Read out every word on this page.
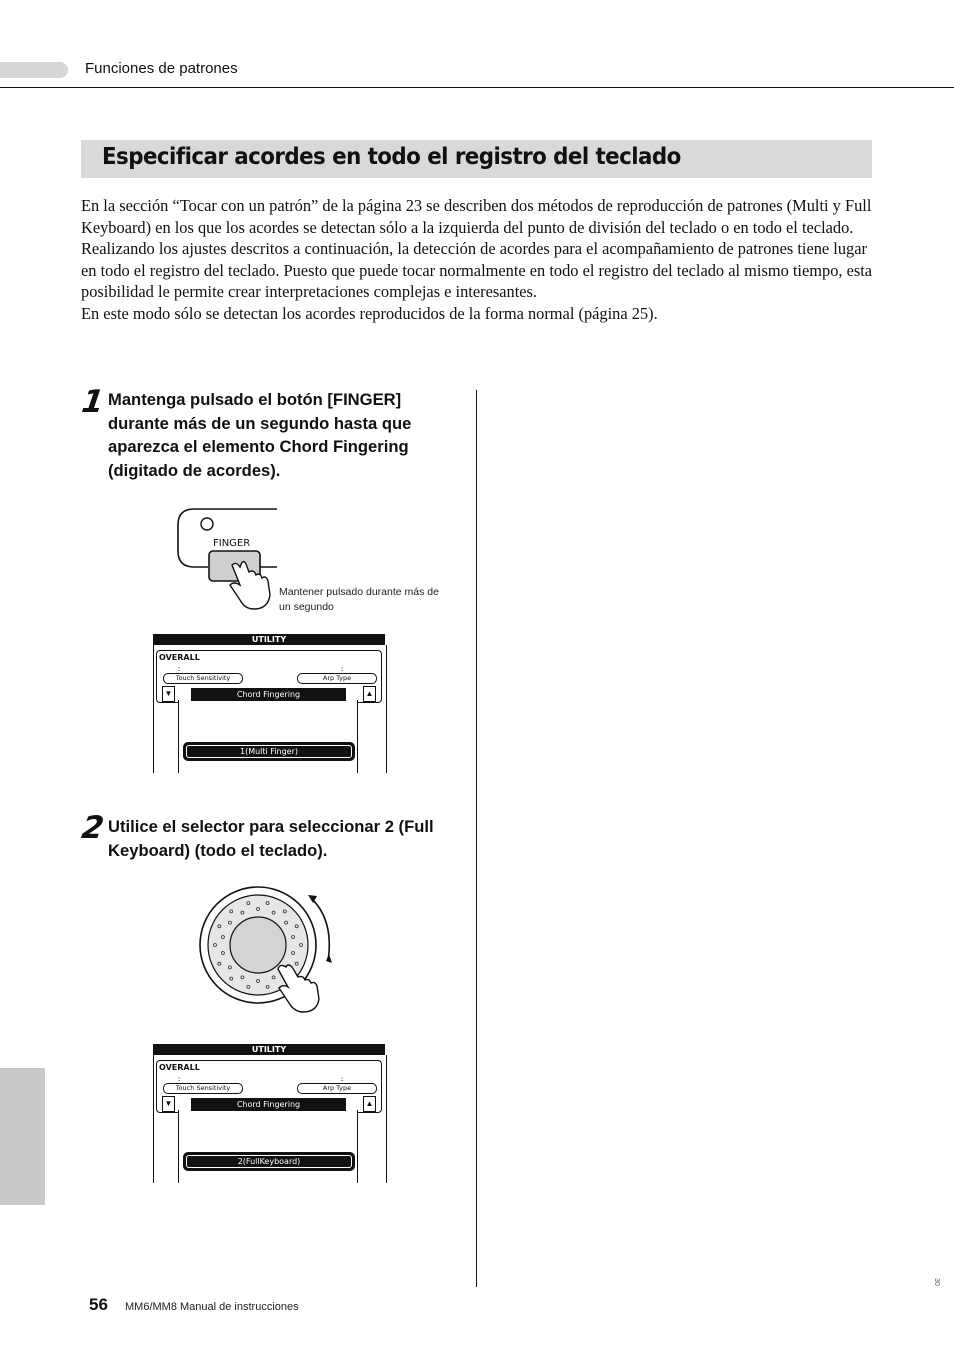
Funciones de patrones
Especificar acordes en todo el registro del teclado

En la sección “Tocar con un patrón” de la página 23 se describen dos métodos de reproducción de patrones (Multi y Full Keyboard) en los que los acordes se detectan sólo a la izquierda del punto de división del teclado o en todo el teclado.

Realizando los ajustes descritos a continuación, la detección de acordes para el acompañamiento de patrones tiene lugar en todo el registro del teclado. Puesto que puede tocar normalmente en todo el registro del teclado al mismo tiempo, esta posibilidad le permite crear interpretaciones complejas e interesantes.

En este modo sólo se detectan los acordes reproducidos de la forma normal (página 25).

1 Mantenga pulsado el botón [FINGER] durante más de un segundo hasta que aparezca el elemento Chord Fingering (digitado de acordes).

FINGER
Mantener pulsado durante más de un segundo
UTILITY
OVERALL
:	:
Touch Sensitivity	Arp Type
▼	▲
Chord Fingering
1(Multi Finger)
2 Utilice el selector para seleccionar 2 (Full Keyboard) (todo el teclado).

UTILITY
OVERALL
:	:
Touch Sensitivity	Arp Type
▼	▲
Chord Fingering
2(FullKeyboard)
56 MM6/MM8 Manual de instrucciones
30
